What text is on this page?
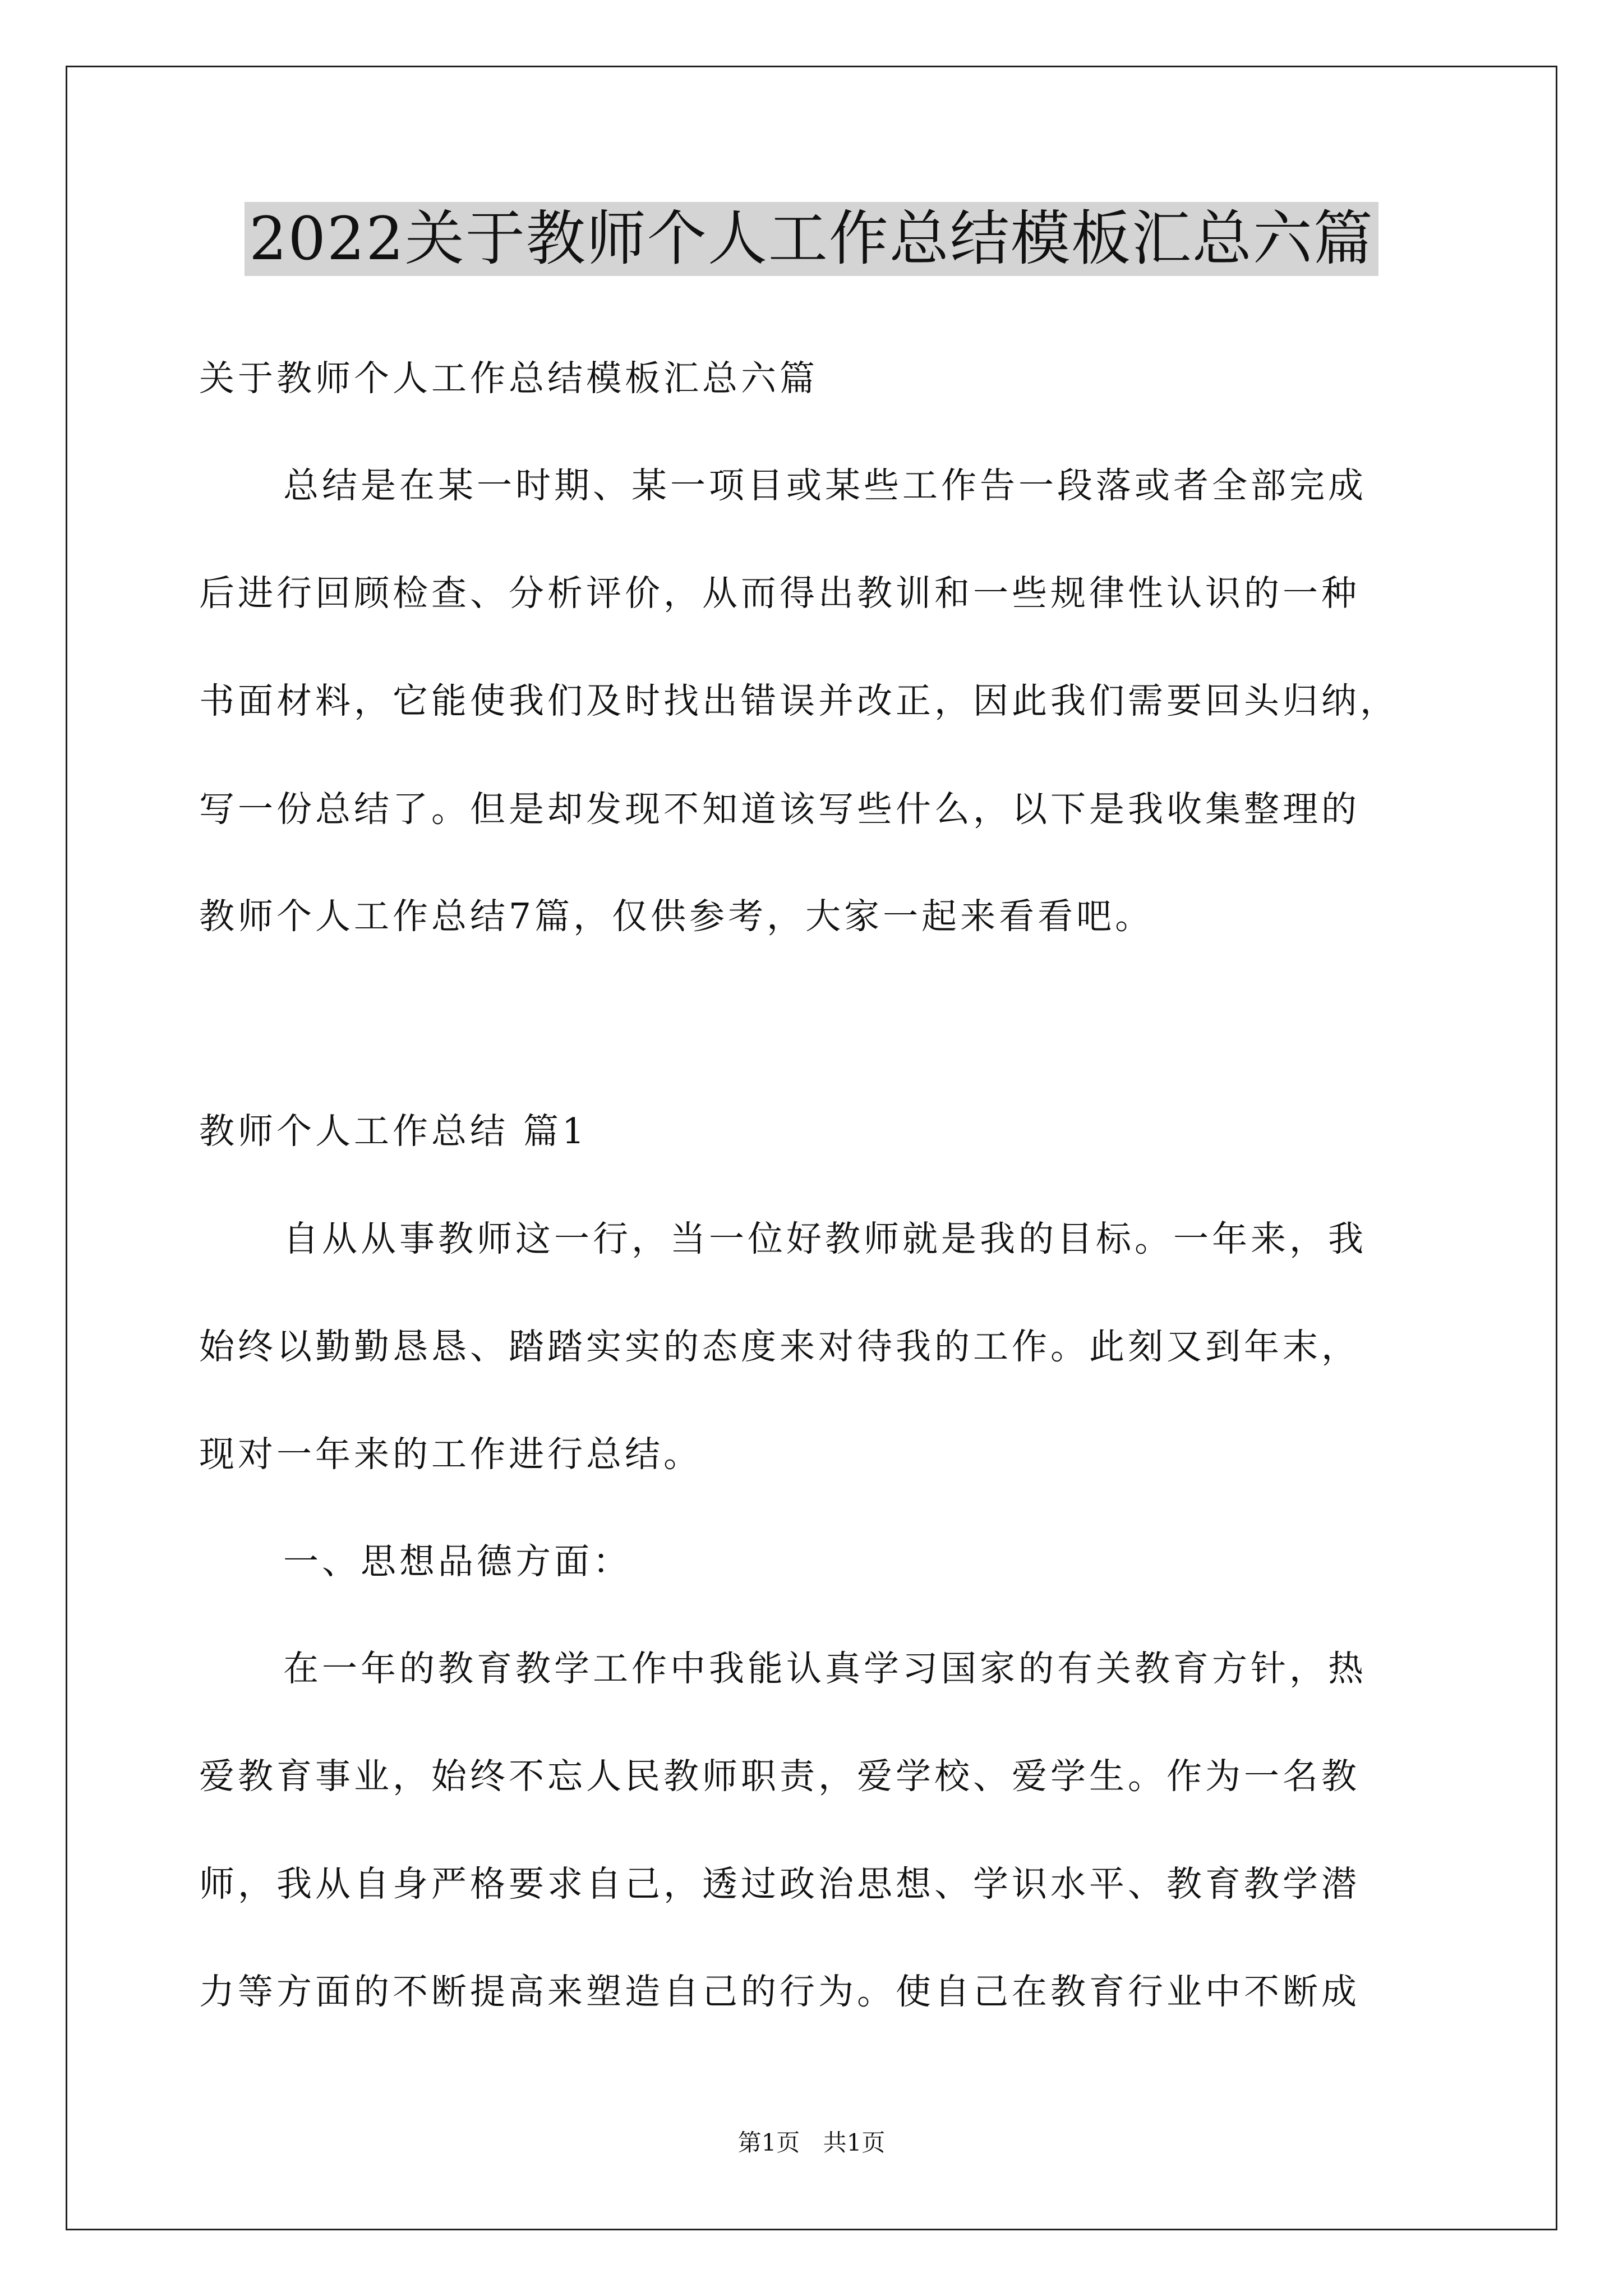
2022关于教师个人工作总结模板汇总六篇
关于教师个人工作总结模板汇总六篇
总结是在某一时期、某一项目或某些工作告一段落或者全部完成
后进行回顾检查、分析评价，从而得出教训和一些规律性认识的一种
书面材料，它能使我们及时找出错误并改正，因此我们需要回头归纳，
写一份总结了。但是却发现不知道该写些什么，以下是我收集整理的
教师个人工作总结7篇，仅供参考，大家一起来看看吧。
教师个人工作总结 篇1
自从从事教师这一行，当一位好教师就是我的目标。一年来，我
始终以勤勤恳恳、踏踏实实的态度来对待我的工作。此刻又到年末，
现对一年来的工作进行总结。
一、思想品德方面：
在一年的教育教学工作中我能认真学习国家的有关教育方针，热
爱教育事业，始终不忘人民教师职责，爱学校、爱学生。作为一名教
师，我从自身严格要求自己，透过政治思想、学识水平、教育教学潜
力等方面的不断提高来塑造自己的行为。使自己在教育行业中不断成
第1页 共1页
